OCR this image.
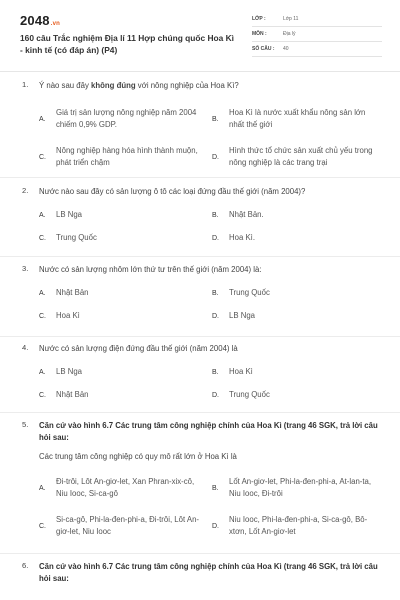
2048.vn
160 câu Trắc nghiệm Địa lí 11 Hợp chúng quốc Hoa Kì - kinh tế (có đáp án) (P4)
LỚP :	Lớp 11
MÔN :	Địa lý
SỐ CÂU :	40
1.	Ý nào sau đây không đúng với nông nghiệp của Hoa Kì?
A.
Giá trị sản lượng nông nghiệp năm 2004 chiếm 0,9% GDP.
B.
Hoa Kì là nước xuất khẩu nông sản lớn nhất thế giới
C.
Nông nghiệp hàng hóa hình thành muộn, phát triển chậm
D.
Hình thức tổ chức sản xuất chủ yếu trong nông nghiệp là các trang trại
2.	Nước nào sau đây có sản lượng ô tô các loại đứng đầu thế giới (năm 2004)?
A.	LB Nga	B.	Nhật Bản.
C.	Trung Quốc	D.	Hoa Kì.
3.	Nước có sản lượng nhôm lớn thứ tư trên thế giới (năm 2004) là:
A.	Nhật Bản	B.	Trung Quốc
C.	Hoa Kì	D.	LB Nga
4.	Nước có sản lượng điện đứng đầu thế giới (năm 2004) là
A.	LB Nga	B.	Hoa Kì
C.	Nhật Bản	D.	Trung Quốc
5.	Căn cứ vào hình 6.7 Các trung tâm công nghiệp chính của Hoa Kì (trang 46 SGK, trả lời câu hỏi sau:
Các trung tâm công nghiệp có quy mô rất lớn ở Hoa Kì là
A.
Đi-trôi, Lôt An-giơ-let, Xan Phran-xix-cô, Niu Iooc, Si-ca-gô
B.
Lốt An-giơ-let, Phi-la-đen-phi-a, At-lan-ta, Niu Iooc, Đi-trôi
C.
Si-ca-gô, Phi-la-đen-phi-a, Đi-trôi, Lôt An-giơ-let, Niu Iooc
D.
Niu Iooc, Phi-la-đen-phi-a, Si-ca-gô, Bô-xtơn, Lốt An-giơ-let
6.	Căn cứ vào hình 6.7 Các trung tâm công nghiệp chính của Hoa Kì (trang 46 SGK, trả lời câu hỏi sau:
